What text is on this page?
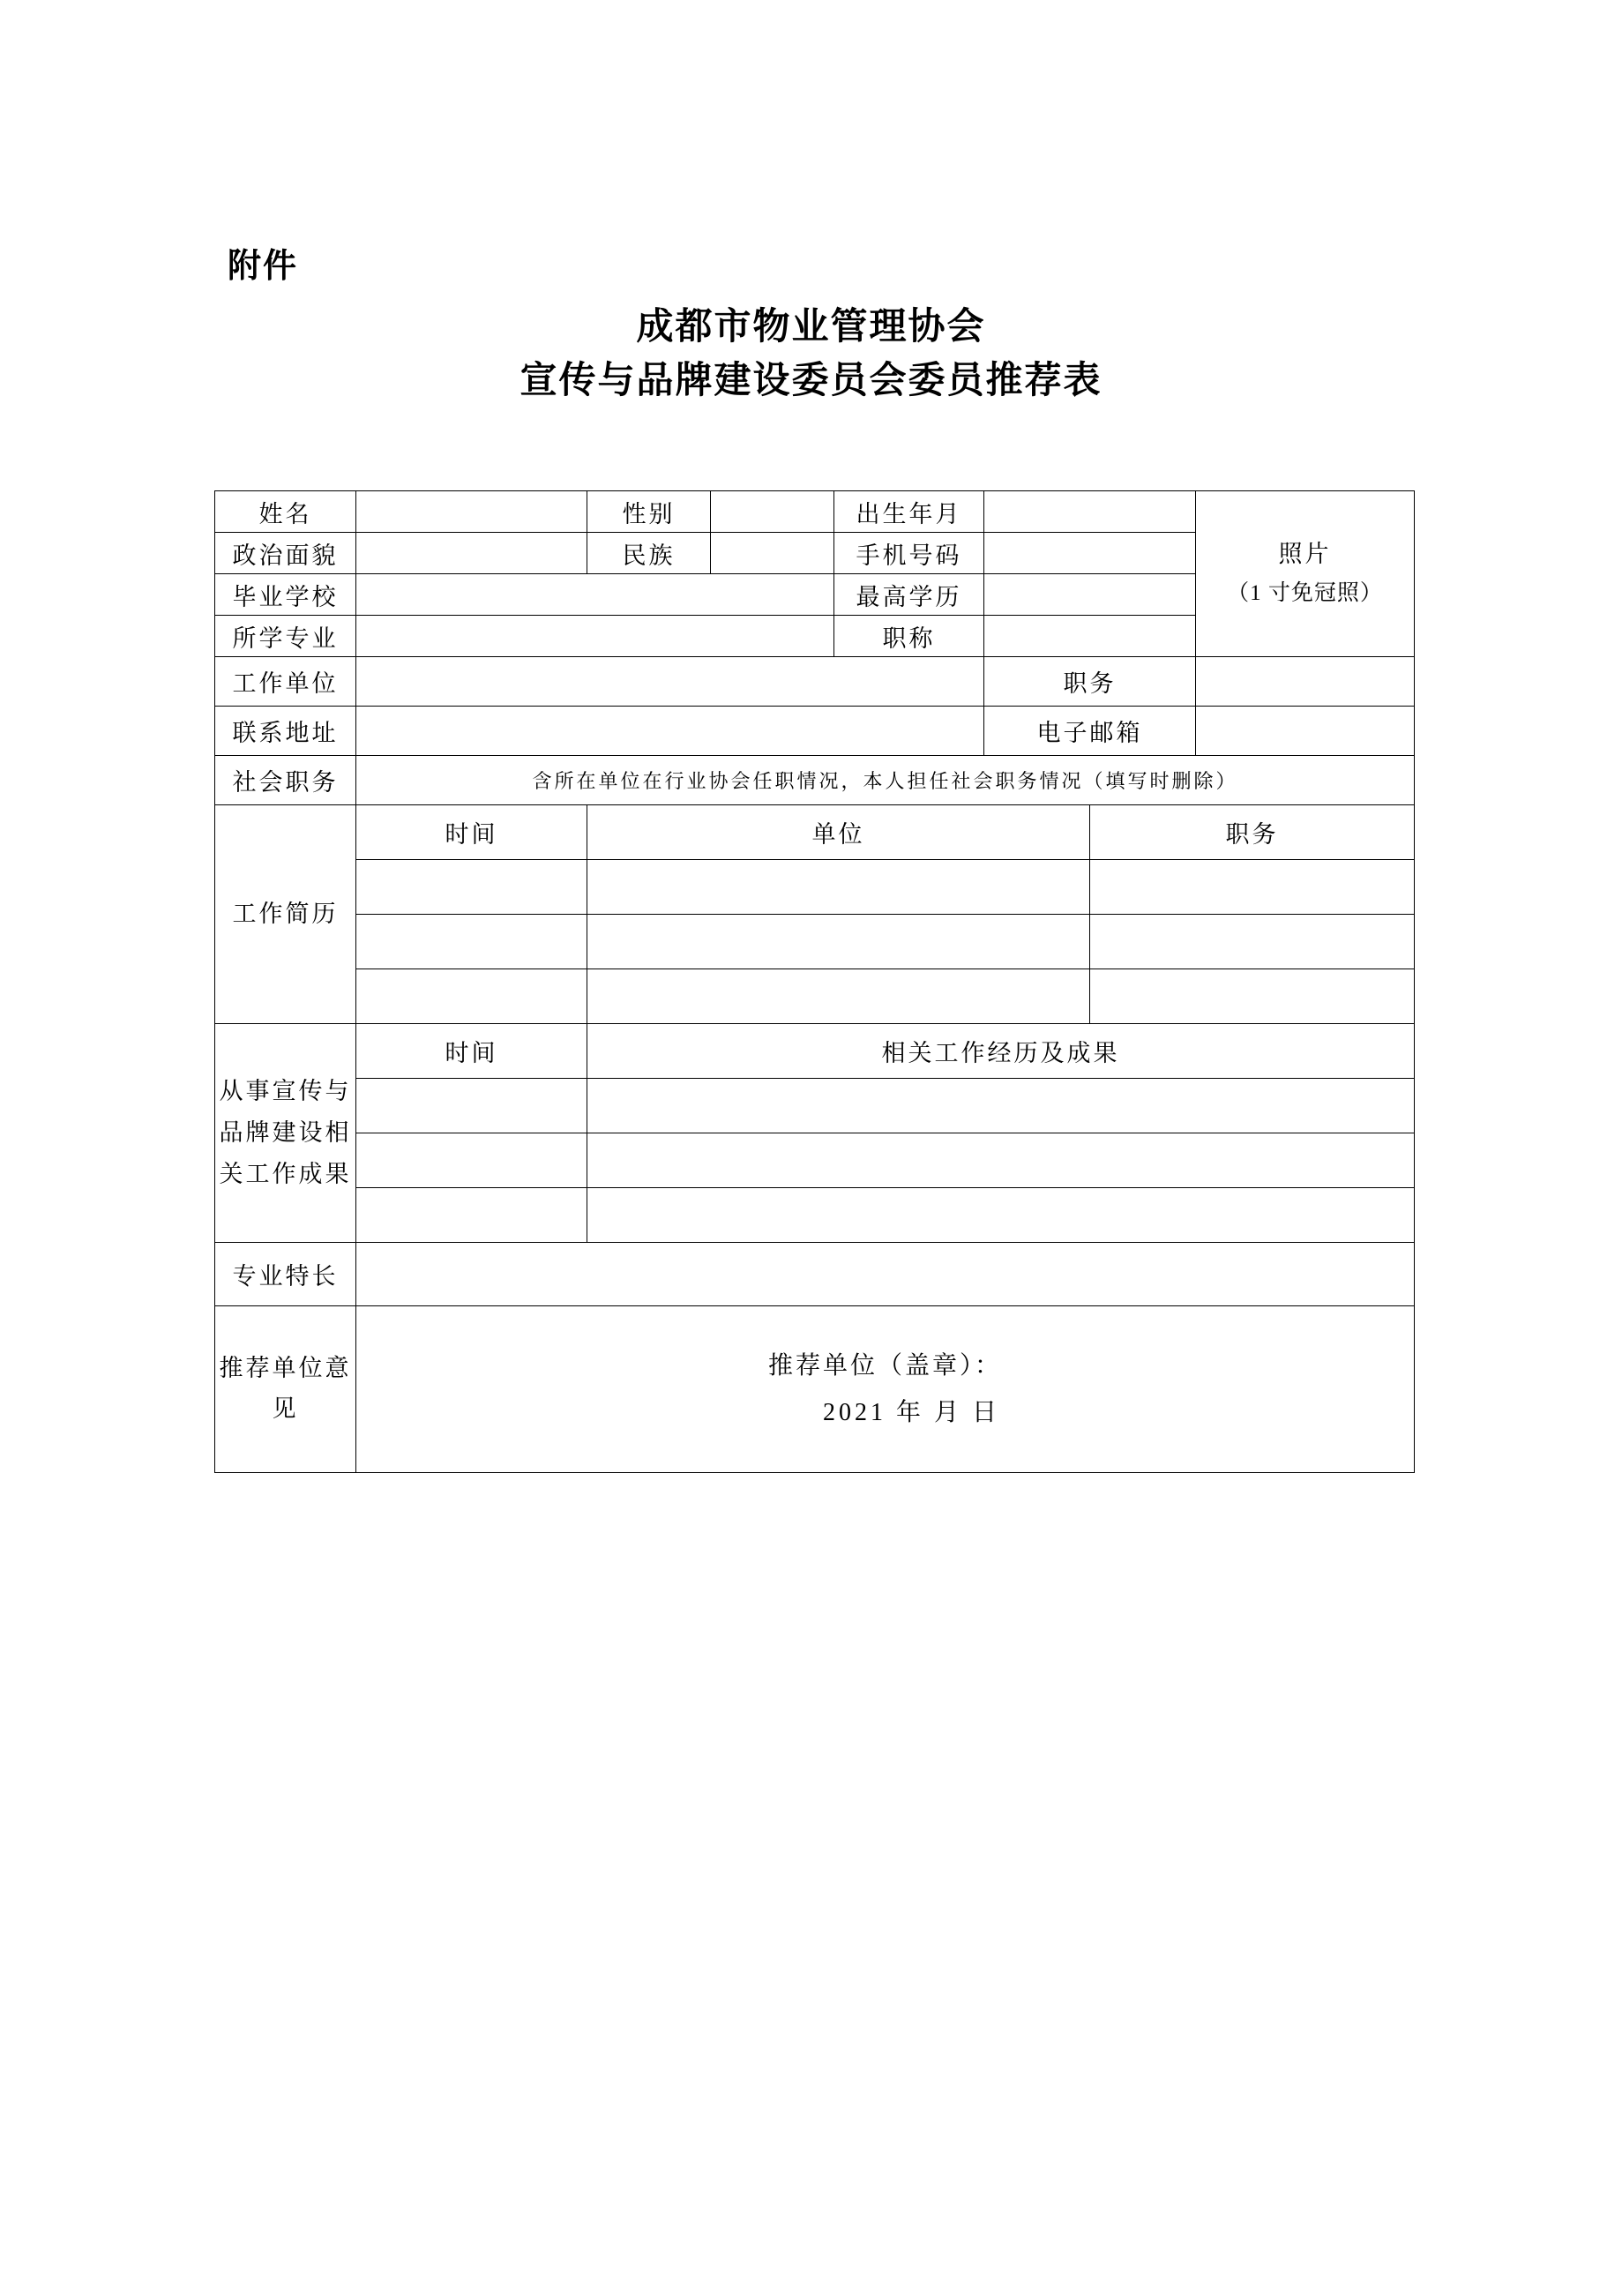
附件
成都市物业管理协会
宣传与品牌建设委员会委员推荐表
姓名		性别		出生年月			照片
（1 寸免冠照）

政治面貌		民族		手机号码			
毕业学校				最高学历			
所学专业				职称			
工作单位					职务		
联系地址					电子邮箱		
社会职务	含所在单位在行业协会任职情况，本人担任社会职务情况（填写时删除）						
工作简历	时间	单位				职务	

从事宣传与品牌建设相关工作成果	时间	相关工作经历及成果					

专业特长							
推荐单位意见	推荐单位（盖章）：
2021 年 月 日						
